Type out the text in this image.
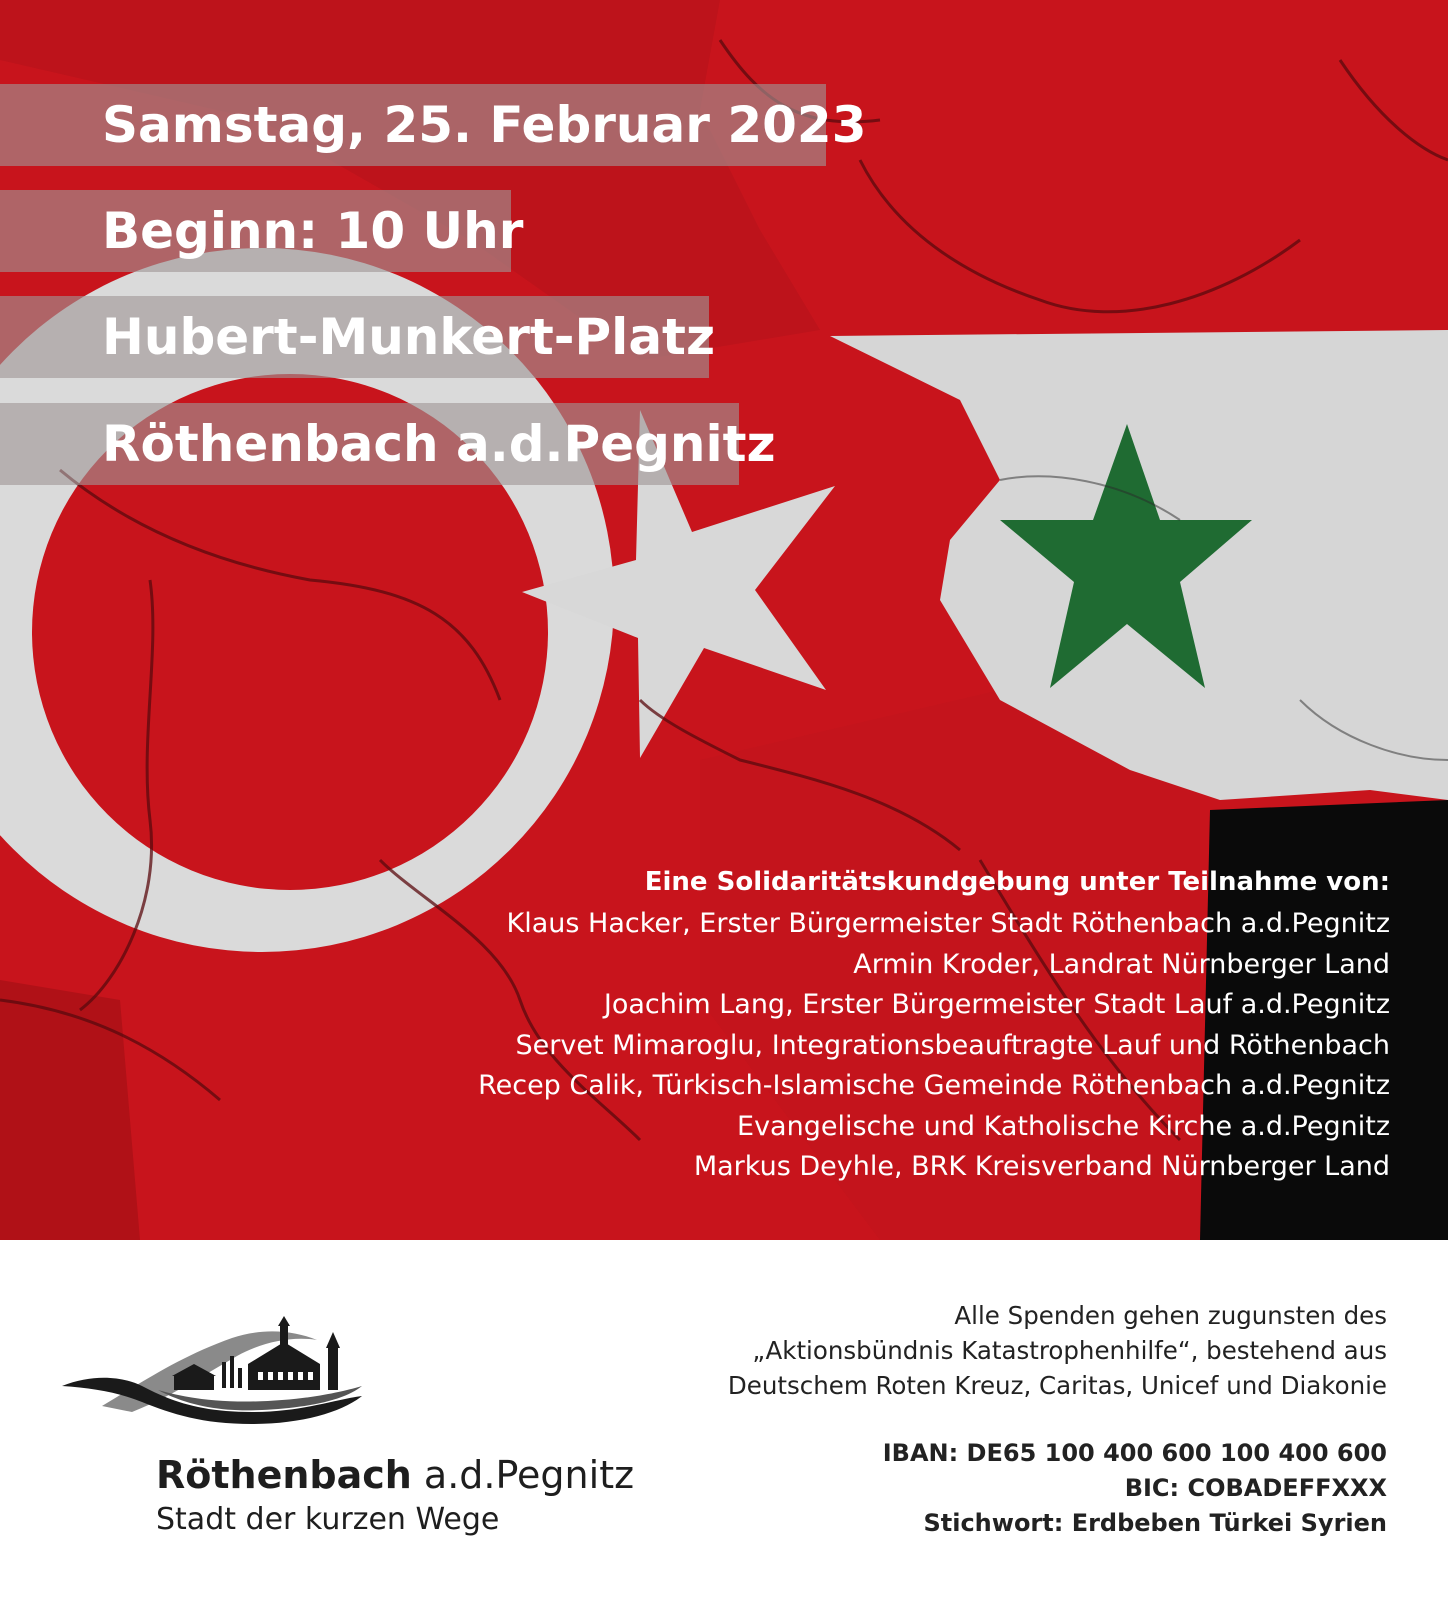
Samstag, 25. Februar 2023
Beginn: 10 Uhr
Hubert-Munkert-Platz
Röthenbach a.d.Pegnitz
Eine Solidaritätskundgebung unter Teilnahme von:
Klaus Hacker, Erster Bürgermeister Stadt Röthenbach a.d.Pegnitz
Armin Kroder, Landrat Nürnberger Land
Joachim Lang, Erster Bürgermeister Stadt Lauf a.d.Pegnitz
Servet Mimaroglu, Integrationsbeauftragte Lauf und Röthenbach
Recep Calik, Türkisch-Islamische Gemeinde Röthenbach a.d.Pegnitz
Evangelische und Katholische Kirche a.d.Pegnitz
Markus Deyhle, BRK Kreisverband Nürnberger Land
Röthenbach a.d.Pegnitz
Stadt der kurzen Wege
Alle Spenden gehen zugunsten des
„Aktionsbündnis Katastrophenhilfe“, bestehend aus
Deutschem Roten Kreuz, Caritas, Unicef und Diakonie
IBAN: DE65 100 400 600 100 400 600
BIC: COBADEFFXXX
Stichwort: Erdbeben Türkei Syrien
